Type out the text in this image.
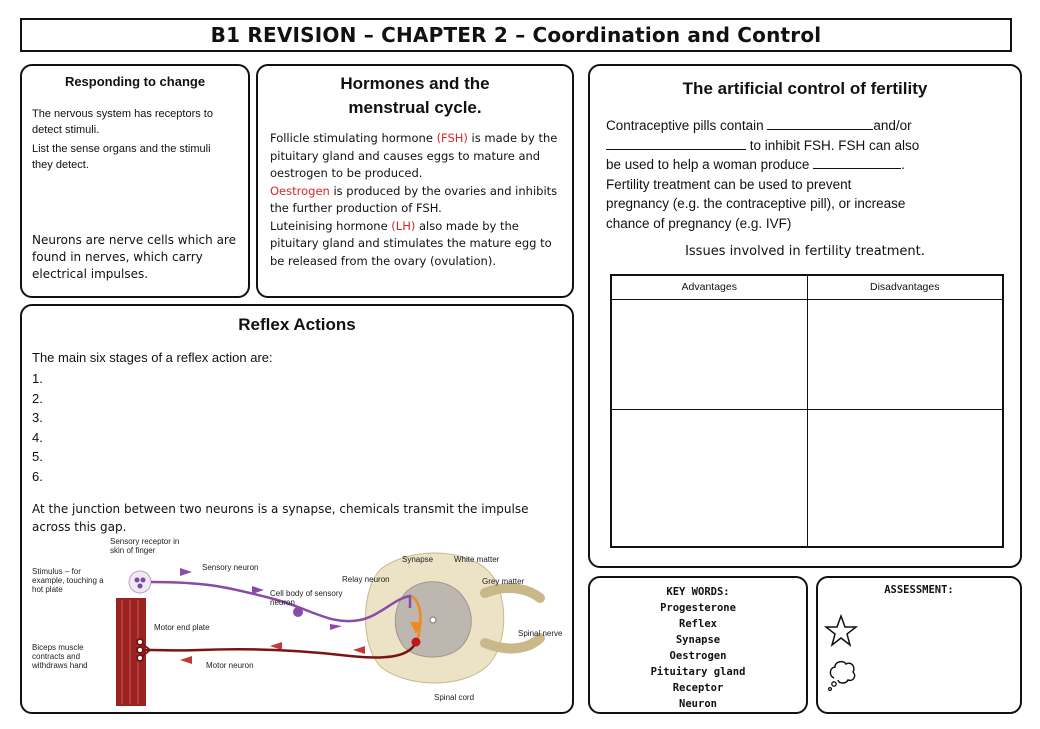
B1 REVISION – CHAPTER 2 – Coordination and Control
Responding to change

The nervous system has receptors to detect stimuli.

List the sense organs and the stimuli they detect.

Neurons are nerve cells which are found in nerves, which carry electrical impulses.

Hormones and the menstrual cycle.
Follicle stimulating hormone (FSH) is made by the pituitary gland and causes eggs to mature and oestrogen to be produced.
Oestrogen is produced by the ovaries and inhibits the further production of FSH.
Luteinising hormone (LH) also made by the pituitary gland and stimulates the mature egg to be released from the ovary (ovulation).
Reflex Actions

The main six stages of a reflex action are:

1.
2.
3.
4.
5.
6.

At the junction between two neurons is a synapse, chemicals transmit the impulse across this gap.

Sensory receptor in skin of finger
Stimulus – for example, touching a hot plate
Sensory neuron
Cell body of sensory neuron
Relay neuron
Synapse	White matter
Grey matter
Spinal nerve
Spinal cord
Motor end plate
Motor neuron
Biceps muscle contracts and withdraws hand
The artificial control of fertility
Contraceptive pills contain	and/or
to inhibit FSH. FSH can also
be used to help a woman produce	.
Fertility treatment can be used to prevent
pregnancy (e.g. the contraceptive pill), or increase
chance of pregnancy (e.g. IVF)

Issues involved in fertility treatment.

Advantages	Disadvantages

KEY WORDS:
Progesterone
Reflex
Synapse
Oestrogen
Pituitary gland
Receptor
Neuron
ASSESSMENT:
